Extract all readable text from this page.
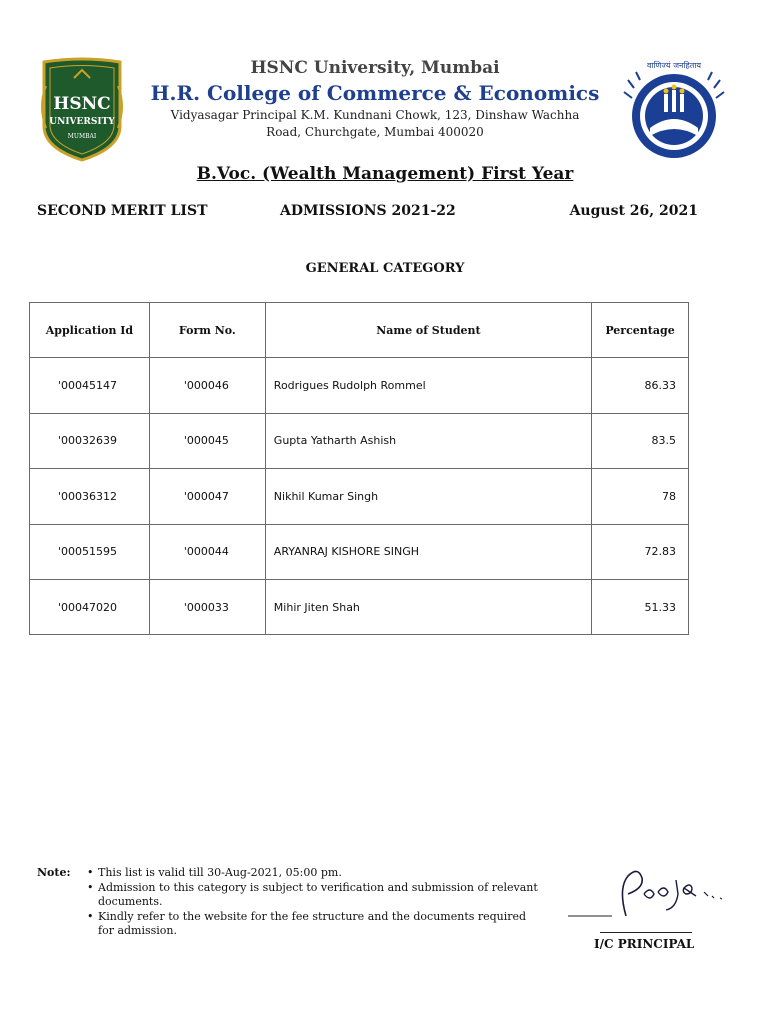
HSNC
UNIVERSITY
MUMBAI
HSNC University, Mumbai
H.R. College of Commerce & Economics
Vidyasagar Principal K.M. Kundnani Chowk, 123, Dinshaw Wachha
Road, Churchgate, Mumbai 400020
वाणिज्यं जनहिताय
B.Voc. (Wealth Management) First Year
SECOND MERIT LIST	ADMISSIONS 2021-22	August 26, 2021
GENERAL CATEGORY
Application Id	Form No.	Name of Student	Percentage
'00045147	'000046	Rodrigues Rudolph Rommel	86.33
'00032639	'000045	Gupta Yatharth Ashish	83.5
'00036312	'000047	Nikhil Kumar Singh	78
'00051595	'000044	ARYANRAJ KISHORE SINGH	72.83
'00047020	'000033	Mihir Jiten Shah	51.33
Note:	• This list is valid till 30-Aug-2021, 05:00 pm.
• Admission to this category is subject to verification and submission of relevant documents.
• Kindly refer to the website for the fee structure and the documents required for admission.
I/C PRINCIPAL
